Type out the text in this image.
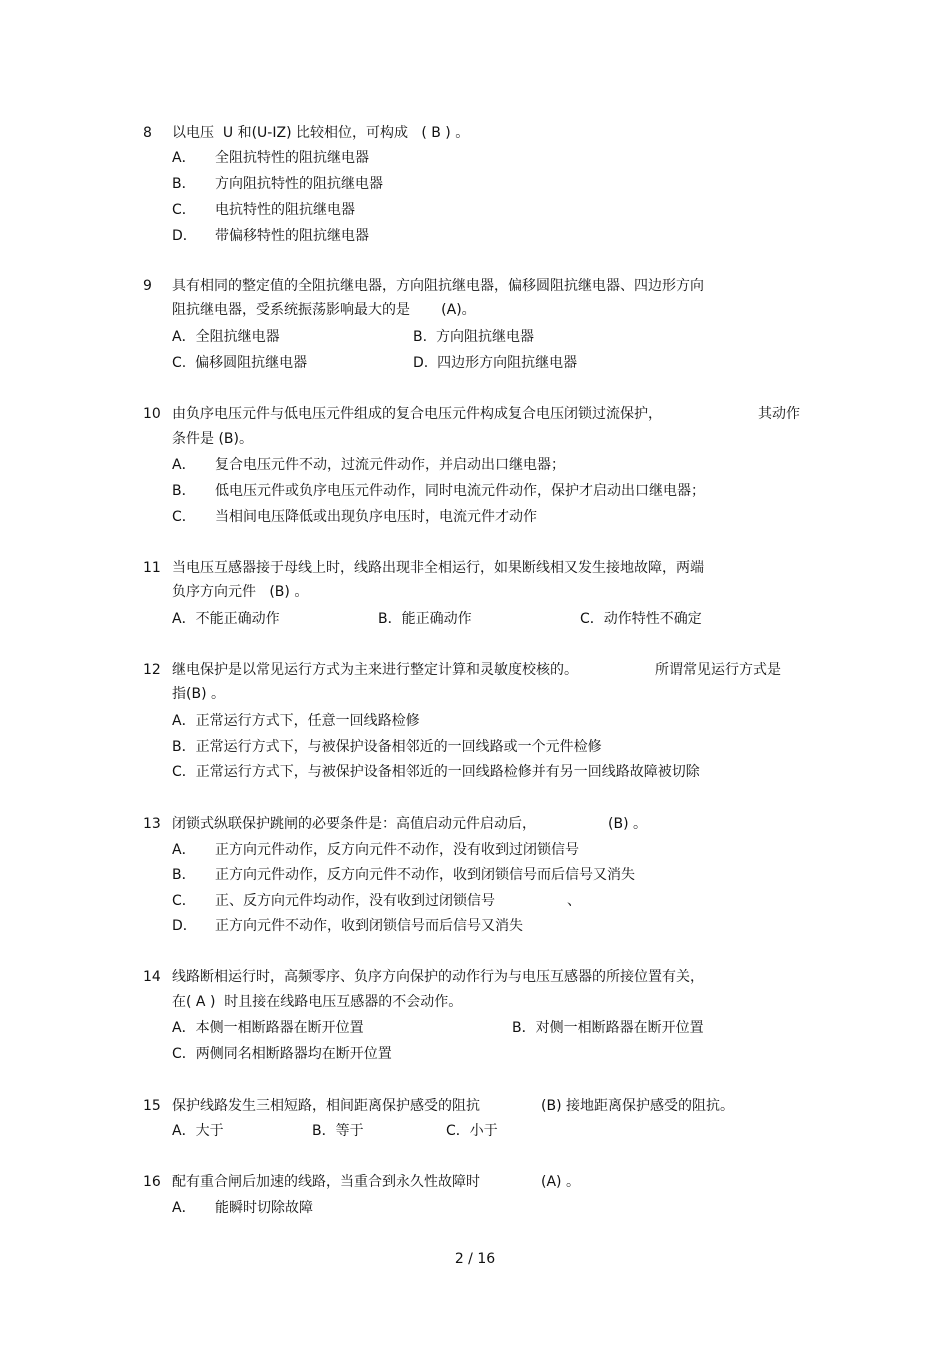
8 以电压  U 和(U-IZ) 比较相位，可构成   ( B ) 。
A． 全阻抗特性的阻抗继电器
B． 方向阻抗特性的阻抗继电器
C． 电抗特性的阻抗继电器
D． 带偏移特性的阻抗继电器
9 具有相同的整定值的全阻抗继电器，方向阻抗继电器，偏移圆阻抗继电器、四边形方向
阻抗继电器，受系统振荡影响最大的是       (A)。
A．全阻抗继电器	B.  方向阻抗继电器
C.  偏移圆阻抗继电器	D.  四边形方向阻抗继电器
10 由负序电压元件与低电压元件组成的复合电压元件构成复合电压闭锁过流保护，	其动作
条件是 (B)。
A． 复合电压元件不动，过流元件动作，并启动出口继电器；
B． 低电压元件或负序电压元件动作，同时电流元件动作，保护才启动出口继电器；
C． 当相间电压降低或出现负序电压时，电流元件才动作
11 当电压互感器接于母线上时，线路出现非全相运行，如果断线相又发生接地故障，两端
负序方向元件   (B) 。
A．不能正确动作	B．能正确动作	C．动作特性不确定
12 继电保护是以常见运行方式为主来进行整定计算和灵敏度校核的。	所谓常见运行方式是
指(B) 。
A．正常运行方式下，任意一回线路检修
B．正常运行方式下，与被保护设备相邻近的一回线路或一个元件检修
C．正常运行方式下，与被保护设备相邻近的一回线路检修并有另一回线路故障被切除
13 闭锁式纵联保护跳闸的必要条件是：高值启动元件启动后，	(B) 。
A． 正方向元件动作，反方向元件不动作，没有收到过闭锁信号
B． 正方向元件动作，反方向元件不动作，收到闭锁信号而后信号又消失
C． 正、反方向元件均动作，没有收到过闭锁信号	、
D． 正方向元件不动作，收到闭锁信号而后信号又消失
14 线路断相运行时，高频零序、负序方向保护的动作行为与电压互感器的所接位置有关，
在( A )  时且接在线路电压互感器的不会动作。
A．本侧一相断路器在断开位置	B．对侧一相断路器在断开位置
C．两侧同名相断路器均在断开位置
15 保护线路发生三相短路，相间距离保护感受的阻抗	(B) 接地距离保护感受的阻抗。
A．大于	B．等于	C．小于
16 配有重合闸后加速的线路，当重合到永久性故障时	(A) 。
A． 能瞬时切除故障
2 / 16
